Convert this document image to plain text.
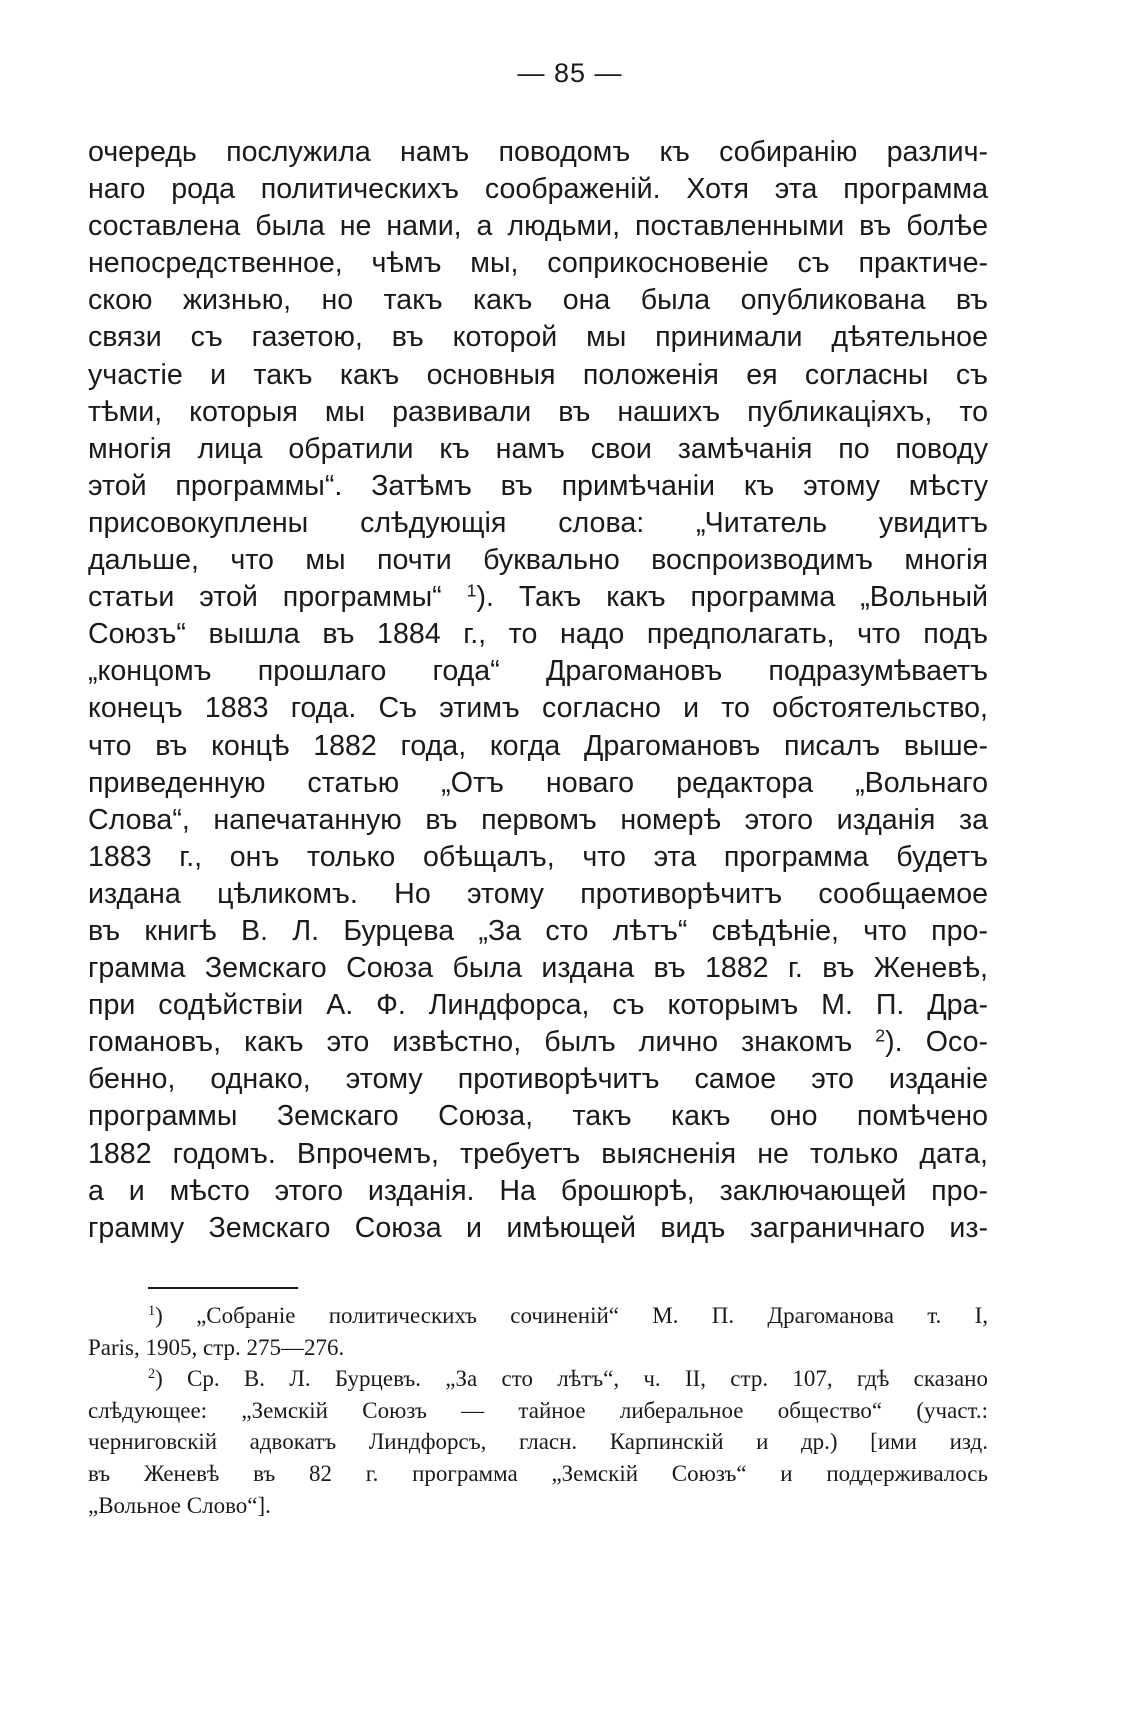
— 85 —
очередь послужила намъ поводомъ къ собиранію различ-
наго рода политическихъ соображеній. Хотя эта программа
составлена была не нами, а людьми, поставленными въ болѣе
непосредственное, чѣмъ мы, соприкосновеніе съ практиче-
скою жизнью, но такъ какъ она была опубликована въ
связи съ газетою, въ которой мы принимали дѣятельное
участіе и такъ какъ основныя положенія ея согласны съ
тѣми, которыя мы развивали въ нашихъ публикаціяхъ, то
многія лица обратили къ намъ свои замѣчанія по поводу
этой программы“. Затѣмъ въ примѣчаніи къ этому мѣсту
присовокуплены слѣдующія слова: „Читатель увидитъ
дальше, что мы почти буквально воспроизводимъ многія
статьи этой программы“ $^1$). Такъ какъ программа „Вольный
Союзъ“ вышла въ 1884 г., то надо предполагать, что подъ
„концомъ прошлаго года“ Драгомановъ подразумѣваетъ
конецъ 1883 года. Съ этимъ согласно и то обстоятельство,
что въ концѣ 1882 года, когда Драгомановъ писалъ выше-
приведенную статью „Отъ новаго редактора „Вольнаго
Слова“, напечатанную въ первомъ номерѣ этого изданія за
1883 г., онъ только обѣщалъ, что эта программа будетъ
издана цѣликомъ. Но этому противорѣчитъ сообщаемое
въ книгѣ В. Л. Бурцева „За сто лѣтъ“ свѣдѣніе, что про-
грамма Земскаго Союза была издана въ 1882 г. въ Женевѣ,
при содѣйствіи А. Ф. Линдфорса, съ которымъ М. П. Дра-
гомановъ, какъ это извѣстно, былъ лично знакомъ $^2$). Осо-
бенно, однако, этому противорѣчитъ самое это изданіе
программы Земскаго Союза, такъ какъ оно помѣчено
1882 годомъ. Впрочемъ, требуетъ выясненія не только дата,
а и мѣсто этого изданія. На брошюрѣ, заключающей про-
грамму Земскаго Союза и имѣющей видъ заграничнаго из-
$^1$) „Собраніе политическихъ сочиненій“ М. П. Драгоманова т. I,
Paris, 1905, стр. 275—276.
$^2$) Ср. В. Л. Бурцевъ. „За сто лѣтъ“, ч. II, стр. 107, гдѣ сказано
слѣдующее: „Земскій Союзъ — тайное либеральное общество“ (участ.:
черниговскій адвокатъ Линдфорсъ, гласн. Карпинскій и др.) [ими изд.
въ Женевѣ въ 82 г. программа „Земскій Союзъ“ и поддерживалось
„Вольное Слово“].
